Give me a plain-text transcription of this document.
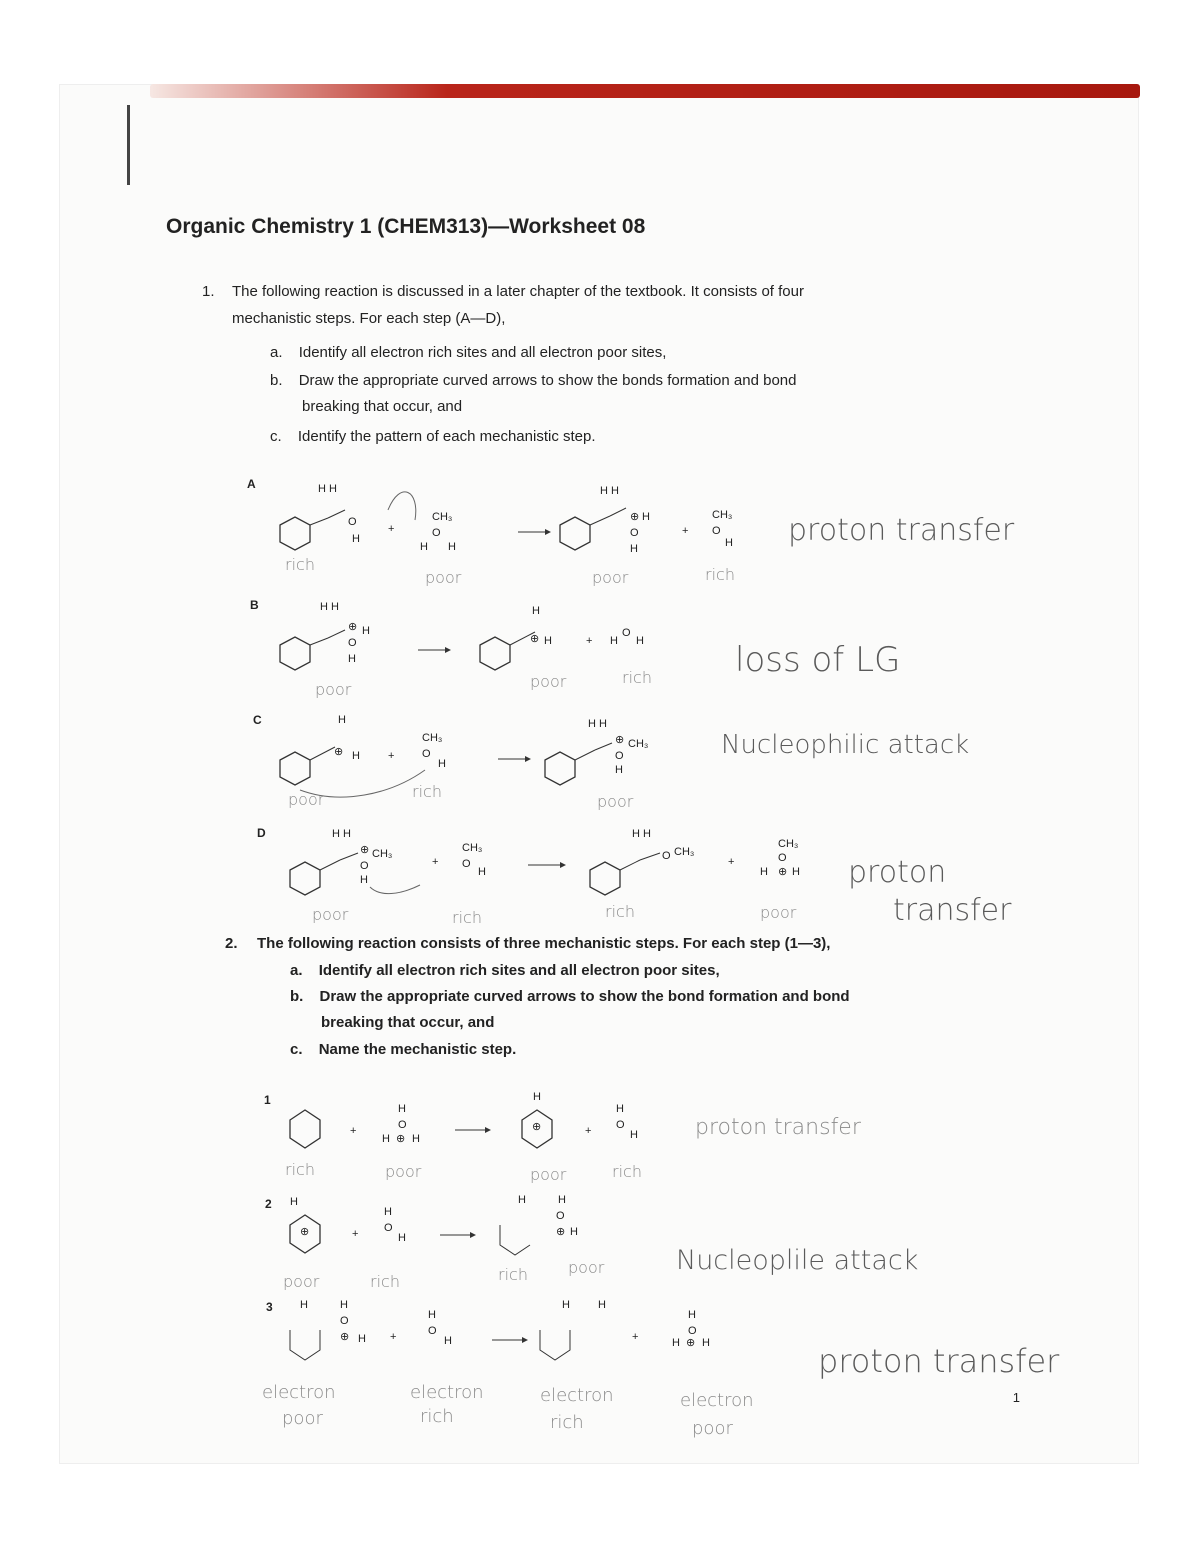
Organic Chemistry 1 (CHEM313)—Worksheet 08
1. The following reaction is discussed in a later chapter of the textbook. It consists of four
mechanistic steps. For each step (A—D),
a. Identify all electron rich sites and all electron poor sites,
b. Draw the appropriate curved arrows to show the bonds formation and bond
breaking that occur, and
c. Identify the pattern of each mechanistic step.
A
B
C
D
H H
O
H
+
CH₃
O
H H
H H
⊕ H
O
H
+
CH₃
O
H
H H
⊕ H
O
H
H
⊕ H	+ H
O
H
H
⊕ H	+
CH₃
O
H
H H
⊕ CH₃
O
H
H H
⊕ CH₃
O
H
+
CH₃
O
H
H H
O CH₃
+
CH₃
O
H ⊕ H
proton transfer
loss of LG
Nucleophilic attack
proton
transfer
rich
poor	poor	rich
poor	poor	rich
poor	rich
poor
poor	rich	rich	poor
2. The following reaction consists of three mechanistic steps. For each step (1—3),
a. Identify all electron rich sites and all electron poor sites,
b. Draw the appropriate curved arrows to show the bond formation and bond
breaking that occur, and
c. Name the mechanistic step.
1
2
3
+
H
O
H ⊕ H
H
⊕	+
H
O
H
H
⊕	+
H
O
H
H	H
O
⊕ H
H	H
O
⊕ H +
H
O
H
H	H
+
H
O
H ⊕ H
proton transfer
Nucleoplile attack
proton transfer
rich	poor	poor	rich
poor	rich	rich	poor
electron
poor
electron
rich
electron
rich
electron
poor
1
